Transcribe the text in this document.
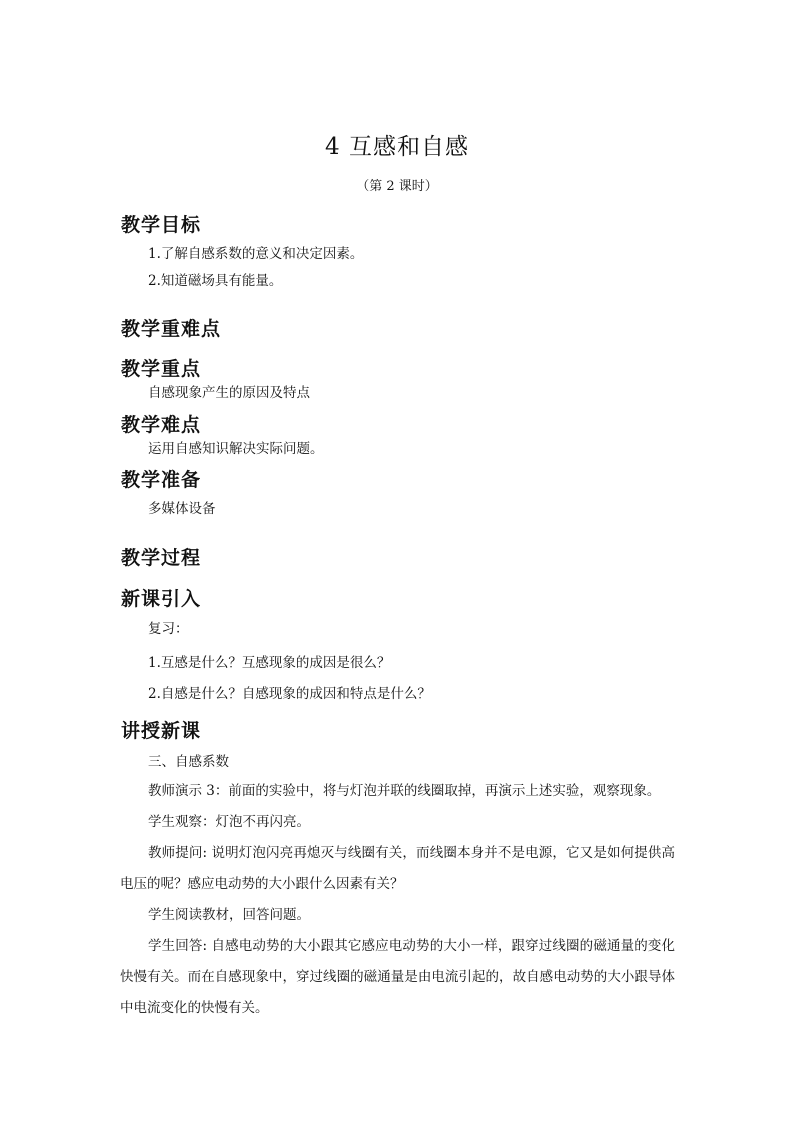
4 互感和自感
（第 2 课时）
教学目标
1.了解自感系数的意义和决定因素。
2.知道磁场具有能量。
教学重难点
教学重点
自感现象产生的原因及特点
教学难点
运用自感知识解决实际问题。
教学准备
多媒体设备
教学过程
新课引入
复习：
1.互感是什么？互感现象的成因是很么？
2.自感是什么？自感现象的成因和特点是什么？
讲授新课
三、自感系数

教师演示 3：前面的实验中，将与灯泡并联的线圈取掉，再演示上述实验，观察现象。

学生观察：灯泡不再闪亮。

教师提问: 说明灯泡闪亮再熄灭与线圈有关，而线圈本身并不是电源，它又是如何提供高电压的呢？感应电动势的大小跟什么因素有关？

学生阅读教材，回答问题。

学生回答: 自感电动势的大小跟其它感应电动势的大小一样，跟穿过线圈的磁通量的变化快慢有关。而在自感现象中，穿过线圈的磁通量是由电流引起的，故自感电动势的大小跟导体中电流变化的快慢有关。
